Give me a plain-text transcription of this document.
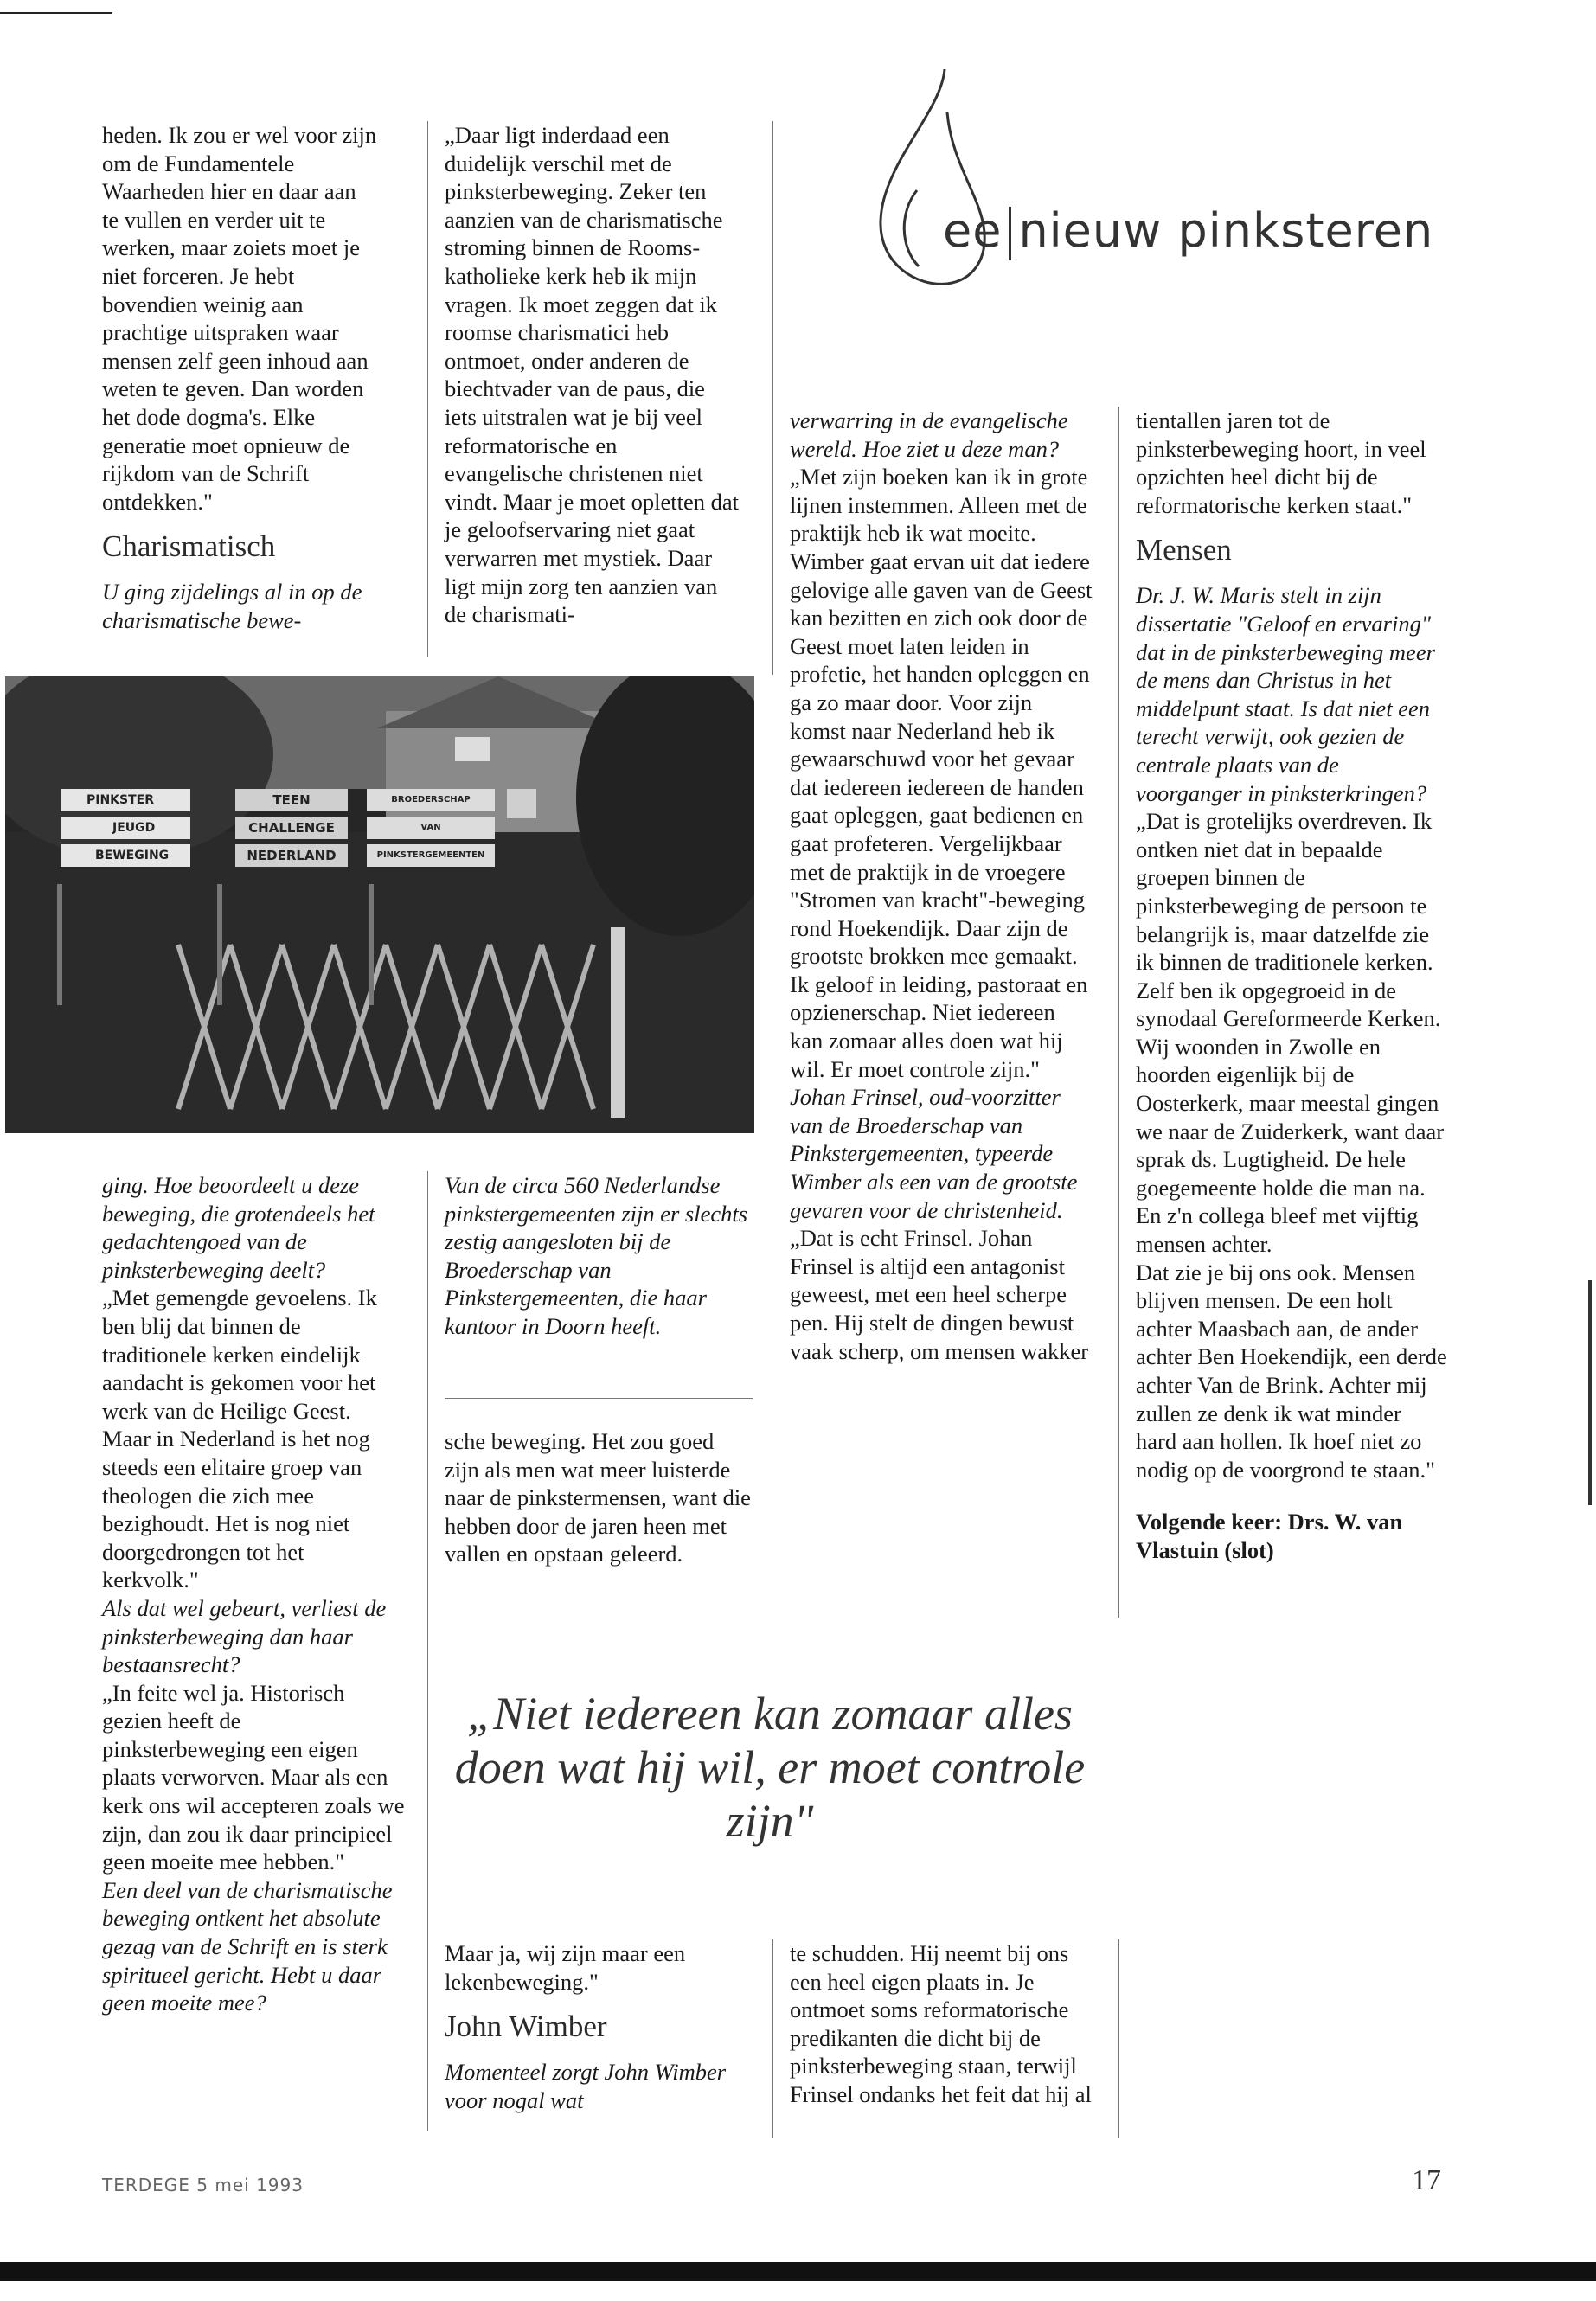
ee nieuw pinksteren

heden. Ik zou er wel voor zijn om de Fundamentele Waarheden hier en daar aan te vullen en verder uit te werken, maar zoiets moet je niet forceren. Je hebt bovendien weinig aan prachtige uitspraken waar mensen zelf geen inhoud aan weten te geven. Dan worden het dode dogma's. Elke generatie moet opnieuw de rijkdom van de Schrift ontdekken."

Charismatisch

U ging zijdelings al in op de charismatische bewe-

„Daar ligt inderdaad een duidelijk verschil met de pinksterbeweging. Zeker ten aanzien van de charismatische stroming binnen de Rooms-katholieke kerk heb ik mijn vragen. Ik moet zeggen dat ik roomse charismatici heb ontmoet, onder anderen de biechtvader van de paus, die iets uitstralen wat je bij veel reformatorische en evangelische christenen niet vindt. Maar je moet opletten dat je geloofservaring niet gaat verwarren met mystiek. Daar ligt mijn zorg ten aanzien van de charismati-

PINKSTER
JEUGD
BEWEGING
TEEN
CHALLENGE
NEDERLAND
BROEDERSCHAP
VAN
PINKSTERGEMEENTEN

ging. Hoe beoordeelt u deze beweging, die grotendeels het gedachtengoed van de pinksterbeweging deelt?

„Met gemengde gevoelens. Ik ben blij dat binnen de traditionele kerken eindelijk aandacht is gekomen voor het werk van de Heilige Geest. Maar in Nederland is het nog steeds een elitaire groep van theologen die zich mee bezighoudt. Het is nog niet doorgedrongen tot het kerkvolk."

Als dat wel gebeurt, verliest de pinksterbeweging dan haar bestaansrecht?

„In feite wel ja. Historisch gezien heeft de pinksterbeweging een eigen plaats verworven. Maar als een kerk ons wil accepteren zoals we zijn, dan zou ik daar principieel geen moeite mee hebben."

Een deel van de charismatische beweging ontkent het absolute gezag van de Schrift en is sterk spiritueel gericht. Hebt u daar geen moeite mee?

Van de circa 560 Nederlandse pinkstergemeenten zijn er slechts zestig aangesloten bij de Broederschap van Pinkstergemeenten, die haar kantoor in Doorn heeft.

sche beweging. Het zou goed zijn als men wat meer luisterde naar de pinkstermensen, want die hebben door de jaren heen met vallen en opstaan geleerd.

verwarring in de evangelische wereld. Hoe ziet u deze man?

„Met zijn boeken kan ik in grote lijnen instemmen. Alleen met de praktijk heb ik wat moeite. Wimber gaat ervan uit dat iedere gelovige alle gaven van de Geest kan bezitten en zich ook door de Geest moet laten leiden in profetie, het handen opleggen en ga zo maar door. Voor zijn komst naar Nederland heb ik gewaarschuwd voor het gevaar dat iedereen iedereen de handen gaat opleggen, gaat bedienen en gaat profeteren. Vergelijkbaar met de praktijk in de vroegere "Stromen van kracht"-beweging rond Hoekendijk. Daar zijn de grootste brokken mee gemaakt. Ik geloof in leiding, pastoraat en opzienerschap. Niet iedereen kan zomaar alles doen wat hij wil. Er moet controle zijn."

Johan Frinsel, oud-voorzitter van de Broederschap van Pinkstergemeenten, typeerde Wimber als een van de grootste gevaren voor de christenheid.

„Dat is echt Frinsel. Johan Frinsel is altijd een antagonist geweest, met een heel scherpe pen. Hij stelt de dingen bewust vaak scherp, om mensen wakker

tientallen jaren tot de pinksterbeweging hoort, in veel opzichten heel dicht bij de reformatorische kerken staat."

Mensen

Dr. J. W. Maris stelt in zijn dissertatie "Geloof en ervaring" dat in de pinksterbeweging meer de mens dan Christus in het middelpunt staat. Is dat niet een terecht verwijt, ook gezien de centrale plaats van de voorganger in pinksterkringen?

„Dat is grotelijks overdreven. Ik ontken niet dat in bepaalde groepen binnen de pinksterbeweging de persoon te belangrijk is, maar datzelfde zie ik binnen de traditionele kerken. Zelf ben ik opgegroeid in de synodaal Gereformeerde Kerken. Wij woonden in Zwolle en hoorden eigenlijk bij de Oosterkerk, maar meestal gingen we naar de Zuiderkerk, want daar sprak ds. Lugtigheid. De hele goegemeente holde die man na. En z'n collega bleef met vijftig mensen achter.

Dat zie je bij ons ook. Mensen blijven mensen. De een holt achter Maasbach aan, de ander achter Ben Hoekendijk, een derde achter Van de Brink. Achter mij zullen ze denk ik wat minder hard aan hollen. Ik hoef niet zo nodig op de voorgrond te staan."

Volgende keer: Drs. W. van Vlastuin (slot)

„Niet iedereen kan zomaar alles doen wat hij wil, er moet controle zijn"

Maar ja, wij zijn maar een lekenbeweging."

John Wimber

Momenteel zorgt John Wimber voor nogal wat

te schudden. Hij neemt bij ons een heel eigen plaats in. Je ontmoet soms reformatorische predikanten die dicht bij de pinksterbeweging staan, terwijl Frinsel ondanks het feit dat hij al

TERDEGE 5 mei 1993	17
